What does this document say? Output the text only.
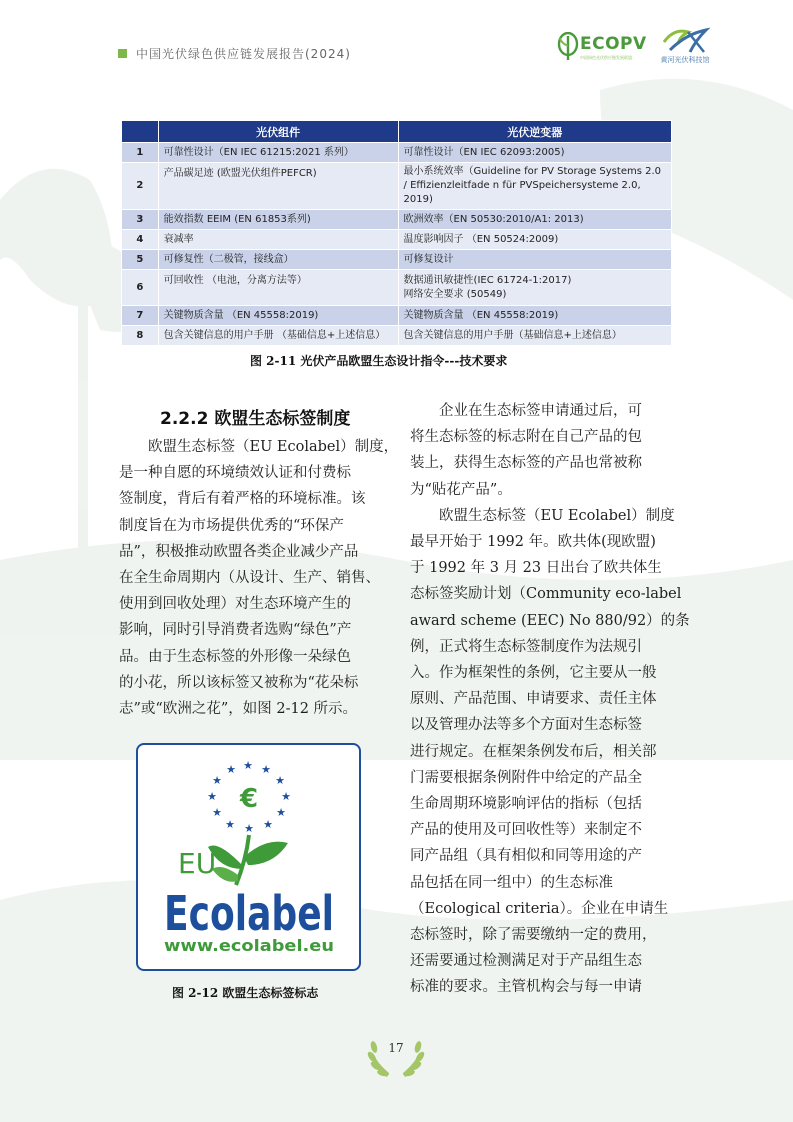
中国光伏绿色供应链发展报告(2024)	ECOPV
中国绿色光伏供应链发展联盟	黄河光伏科技馆
	光伏组件	光伏逆变器
1	可靠性设计（EN IEC 61215:2021 系列）	可靠性设计（EN IEC 62093:2005)
2	产品碳足迹 (欧盟光伏组件PEFCR)	最小系统效率（Guideline for PV Storage Systems 2.0 / Effizienzleitfade n für PVSpeichersysteme 2.0, 2019)
3	能效指数 EEIM (EN 61853系列)	欧洲效率（EN 50530:2010/A1: 2013)
4	衰减率	温度影响因子 （EN 50524:2009)
5	可修复性（二极管，接线盒）	可修复设计
6	可回收性 （电池，分离方法等）	数据通讯敏捷性(IEC 61724-1:2017)
网络安全要求 (50549)
7	关键物质含量 （EN 45558:2019)	关键物质含量 （EN 45558:2019)
8	包含关键信息的用户手册 （基础信息+上述信息）	包含关键信息的用户手册（基础信息+上述信息）
图 2-11 光伏产品欧盟生态设计指令---技术要求
2.2.2 欧盟生态标签制度
欧盟生态标签（EU Ecolabel）制度，
是一种自愿的环境绩效认证和付费标
签制度，背后有着严格的环境标准。该
制度旨在为市场提供优秀的“环保产
品”，积极推动欧盟各类企业减少产品
在全生命周期内（从设计、生产、销售、
使用到回收处理）对生态环境产生的
影响，同时引导消费者选购“绿色”产
品。由于生态标签的外形像一朵绿色
的小花，所以该标签又被称为“花朵标
志”或“欧洲之花”，如图 2-12 所示。
★ ★
★
★
★
★
★
★
★
★
★
★
€
EU
Ecolabel
www.ecolabel.eu
图 2-12 欧盟生态标签标志
企业在生态标签申请通过后，可
将生态标签的标志附在自己产品的包
装上，获得生态标签的产品也常被称
为“贴花产品”。
欧盟生态标签（EU Ecolabel）制度
最早开始于 1992 年。欧共体(现欧盟)
于 1992 年 3 月 23 日出台了欧共体生
态标签奖励计划（Community eco-label
award scheme (EEC) No 880/92）的条
例，正式将生态标签制度作为法规引
入。作为框架性的条例，它主要从一般
原则、产品范围、申请要求、责任主体
以及管理办法等多个方面对生态标签
进行规定。在框架条例发布后，相关部
门需要根据条例附件中给定的产品全
生命周期环境影响评估的指标（包括
产品的使用及可回收性等）来制定不
同产品组（具有相似和同等用途的产
品包括在同一组中）的生态标准
（Ecological criteria）。企业在申请生
态标签时，除了需要缴纳一定的费用，
还需要通过检测满足对于产品组生态
标准的要求。主管机构会与每一申请
17
